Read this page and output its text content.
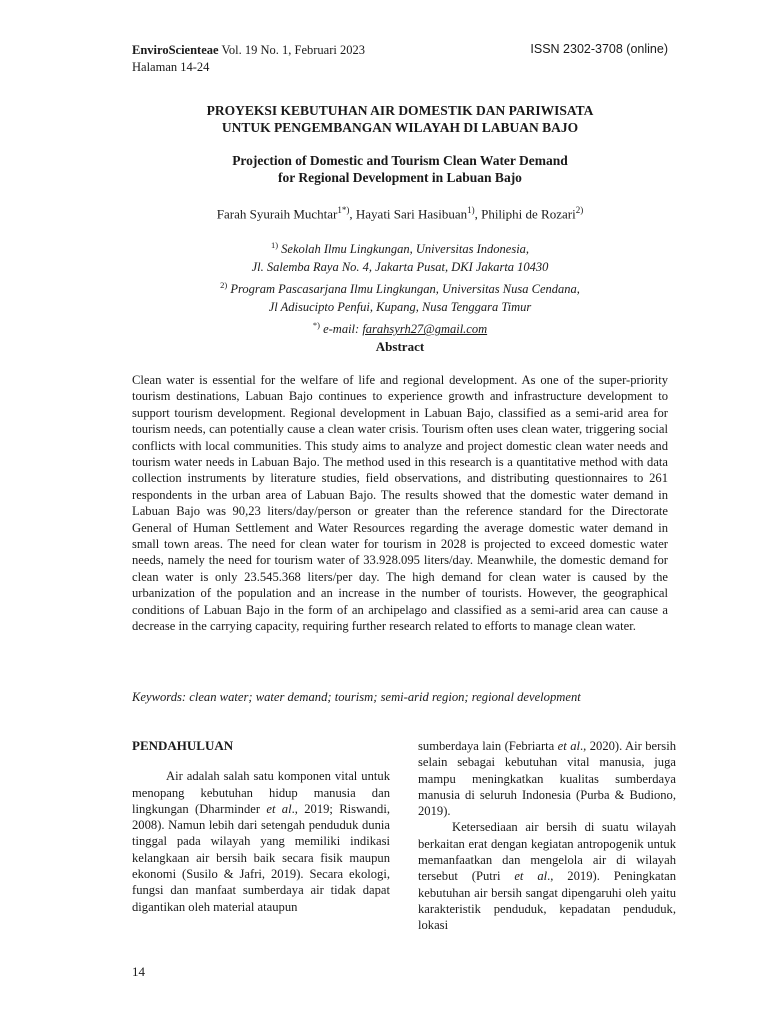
EnviroScienteae Vol. 19 No. 1, Februari 2023
Halaman 14-24
ISSN 2302-3708 (online)
PROYEKSI KEBUTUHAN AIR DOMESTIK DAN PARIWISATA
UNTUK PENGEMBANGAN WILAYAH DI LABUAN BAJO
Projection of Domestic and Tourism Clean Water Demand
for Regional Development in Labuan Bajo
Farah Syuraih Muchtar$^{1*)}$, Hayati Sari Hasibuan$^{1)}$, Philiphi de Rozari$^{2)}$
$^{1)}$ Sekolah Ilmu Lingkungan, Universitas Indonesia,
Jl. Salemba Raya No. 4, Jakarta Pusat, DKI Jakarta 10430
$^{2)}$ Program Pascasarjana Ilmu Lingkungan, Universitas Nusa Cendana,
Jl Adisucipto Penfui, Kupang, Nusa Tenggara Timur
*) e-mail: farahsyrh27@gmail.com
Abstract
Clean water is essential for the welfare of life and regional development. As one of the super-priority tourism destinations, Labuan Bajo continues to experience growth and infrastructure development to support tourism development. Regional development in Labuan Bajo, classified as a semi-arid area for tourism needs, can potentially cause a clean water crisis. Tourism often uses clean water, triggering social conflicts with local communities. This study aims to analyze and project domestic clean water needs and tourism water needs in Labuan Bajo. The method used in this research is a quantitative method with data collection instruments by literature studies, field observations, and distributing questionnaires to 261 respondents in the urban area of Labuan Bajo. The results showed that the domestic water demand in Labuan Bajo was 90,23 liters/day/person or greater than the reference standard for the Directorate General of Human Settlement and Water Resources regarding the average domestic water demand in small town areas. The need for clean water for tourism in 2028 is projected to exceed domestic water needs, namely the need for tourism water of 33.928.095 liters/day. Meanwhile, the domestic demand for clean water is only 23.545.368 liters/per day. The high demand for clean water is caused by the urbanization of the population and an increase in the number of tourists. However, the geographical conditions of Labuan Bajo in the form of an archipelago and classified as a semi-arid area can cause a decrease in the carrying capacity, requiring further research related to efforts to manage clean water.
Keywords: clean water; water demand; tourism; semi-arid region; regional development
PENDAHULUAN

Air adalah salah satu komponen vital untuk menopang kebutuhan hidup manusia dan lingkungan (Dharminder et al., 2019; Riswandi, 2008). Namun lebih dari setengah penduduk dunia tinggal pada wilayah yang memiliki indikasi kelangkaan air bersih baik secara fisik maupun ekonomi (Susilo & Jafri, 2019). Secara ekologi, fungsi dan manfaat sumberdaya air tidak dapat digantikan oleh material ataupun

sumberdaya lain (Febriarta et al., 2020). Air bersih selain sebagai kebutuhan vital manusia, juga mampu meningkatkan kualitas sumberdaya manusia di seluruh Indonesia (Purba & Budiono, 2019).

Ketersediaan air bersih di suatu wilayah berkaitan erat dengan kegiatan antropogenik untuk memanfaatkan dan mengelola air di wilayah tersebut (Putri et al., 2019). Peningkatan kebutuhan air bersih sangat dipengaruhi oleh yaitu karakteristik penduduk, kepadatan penduduk, lokasi

14
